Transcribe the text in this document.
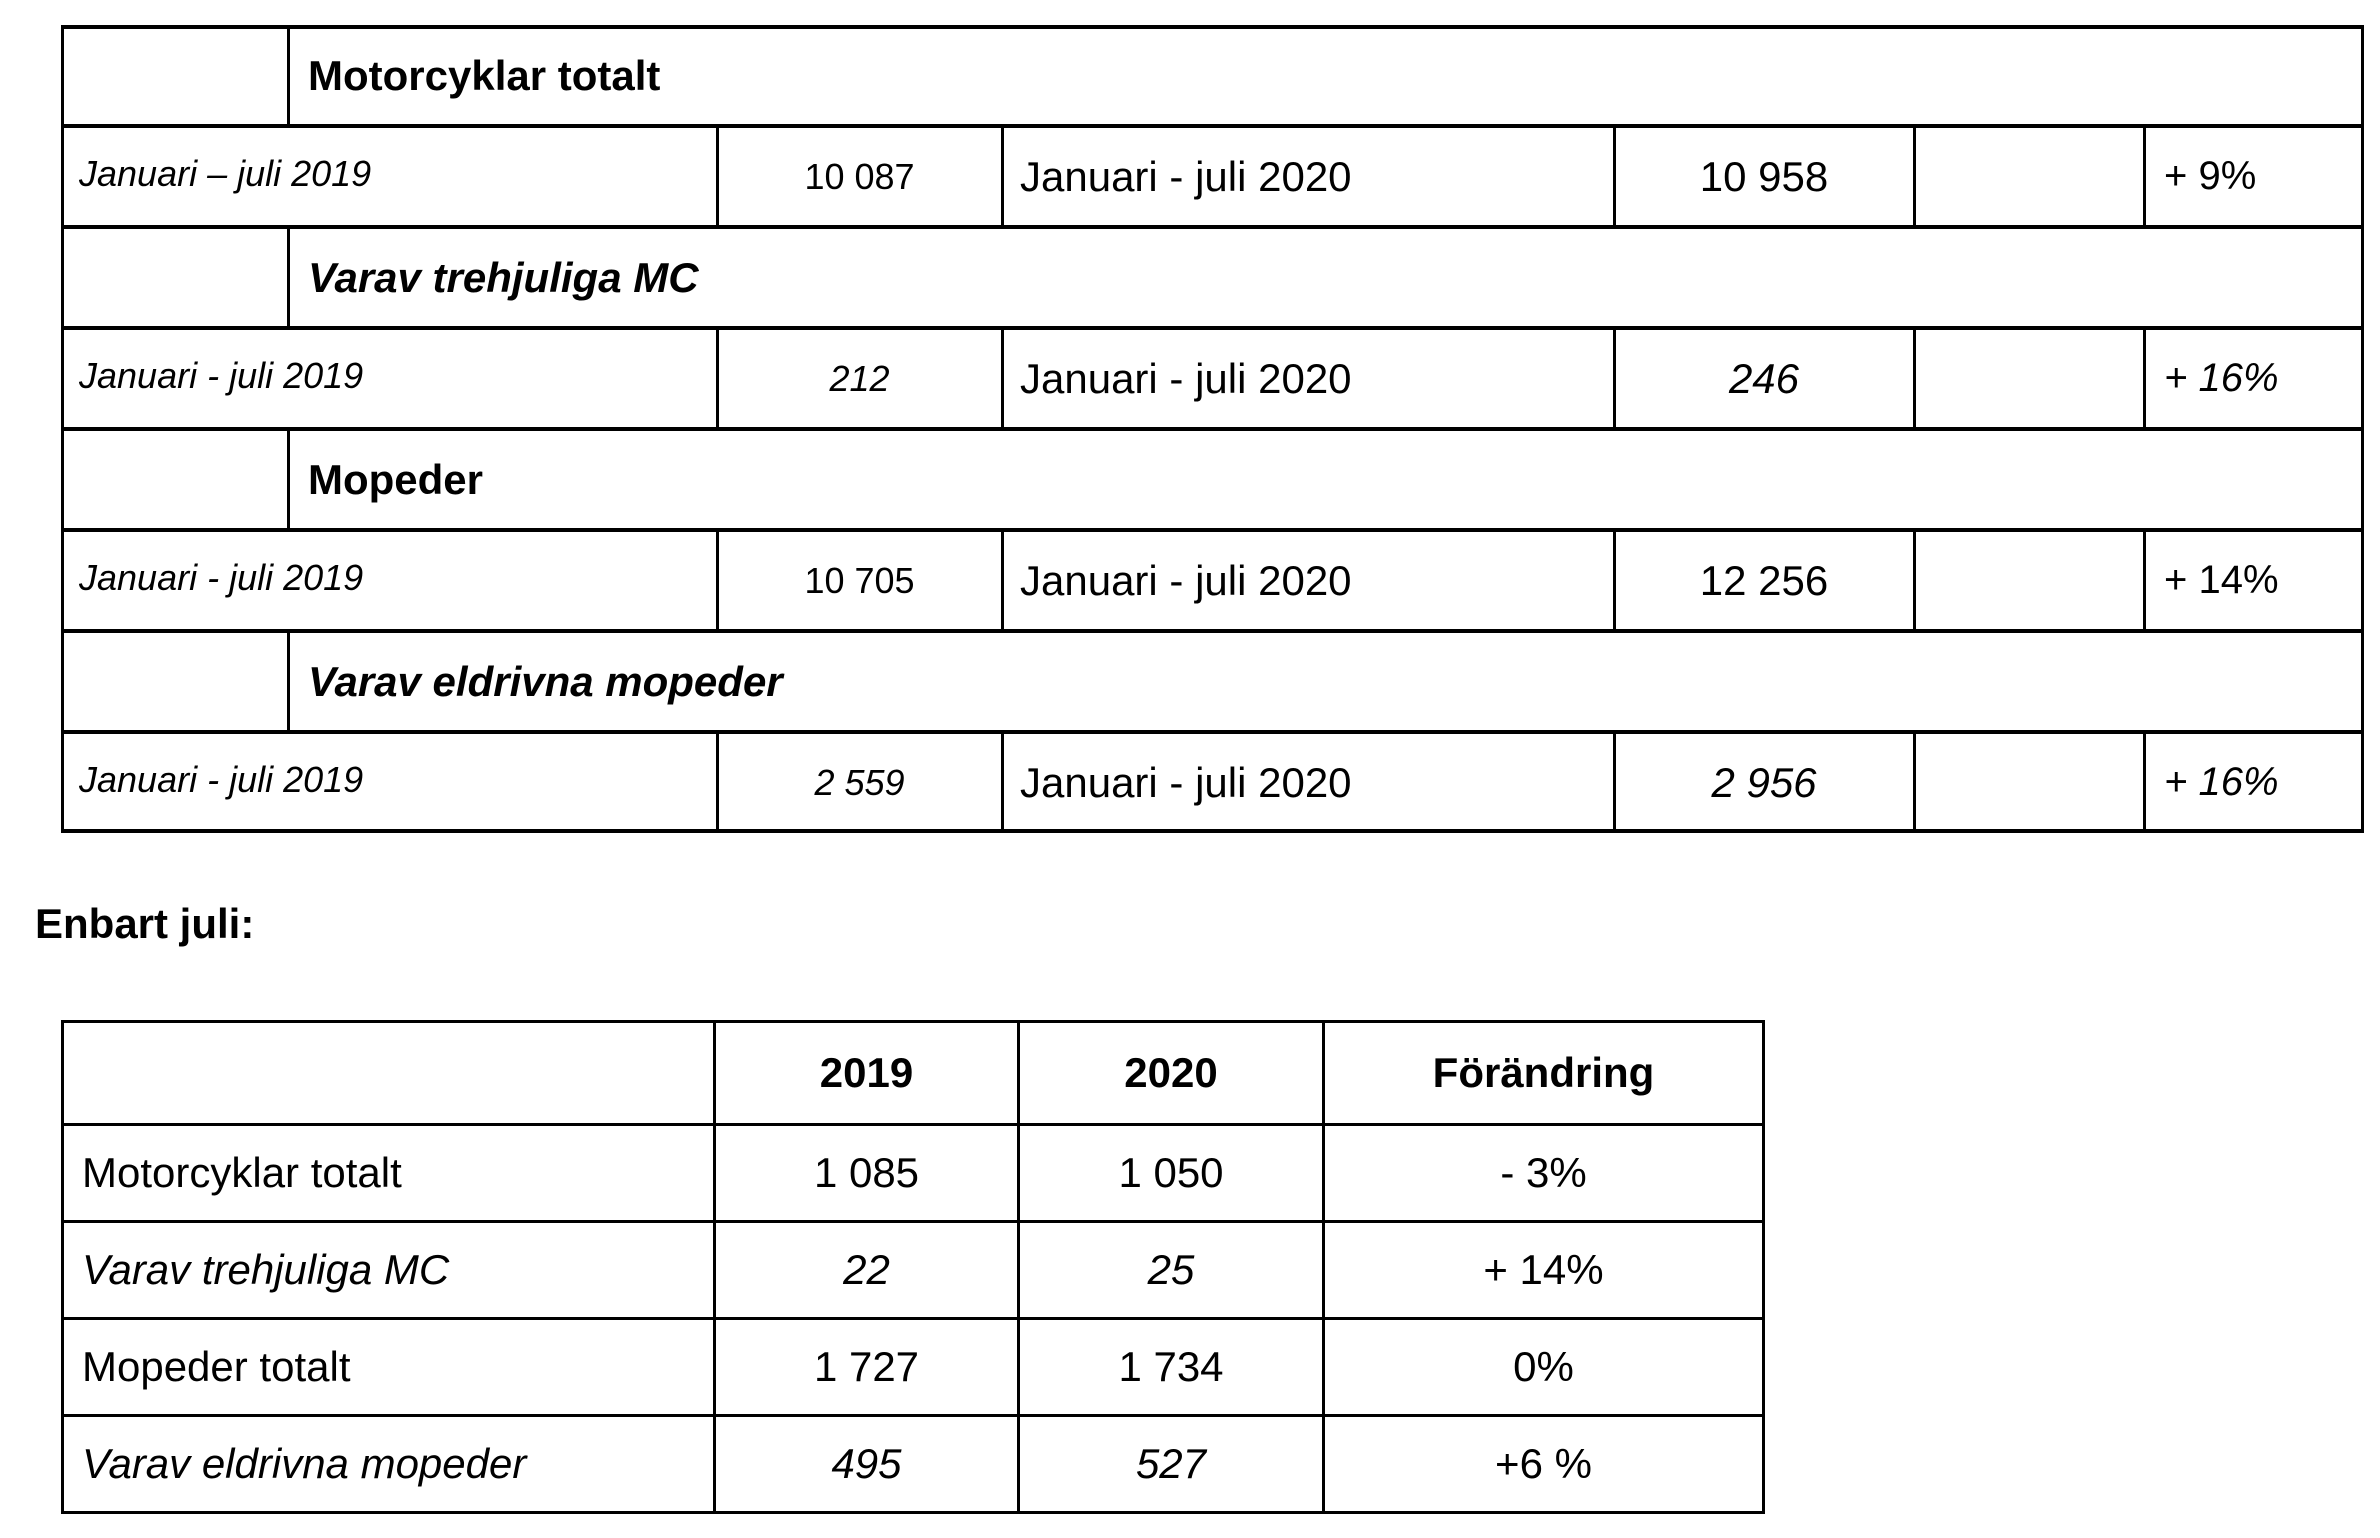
Motorcyklar totalt
Januari – juli 2019	10 087	Januari - juli 2020	10 958	+ 9%
Varav trehjuliga MC
Januari - juli 2019	212	Januari - juli 2020	246	+ 16%
Mopeder
Januari - juli 2019	10 705	Januari - juli 2020	12 256	+ 14%
Varav eldrivna mopeder
Januari - juli 2019	2 559	Januari - juli 2020	2 956	+ 16%
Enbart juli:
	2019	2020	Förändring
Motorcyklar totalt	1 085	1 050	- 3%
Varav trehjuliga MC	22	25	+ 14%
Mopeder totalt	1 727	1 734	0%
Varav eldrivna mopeder	495	527	+6 %
